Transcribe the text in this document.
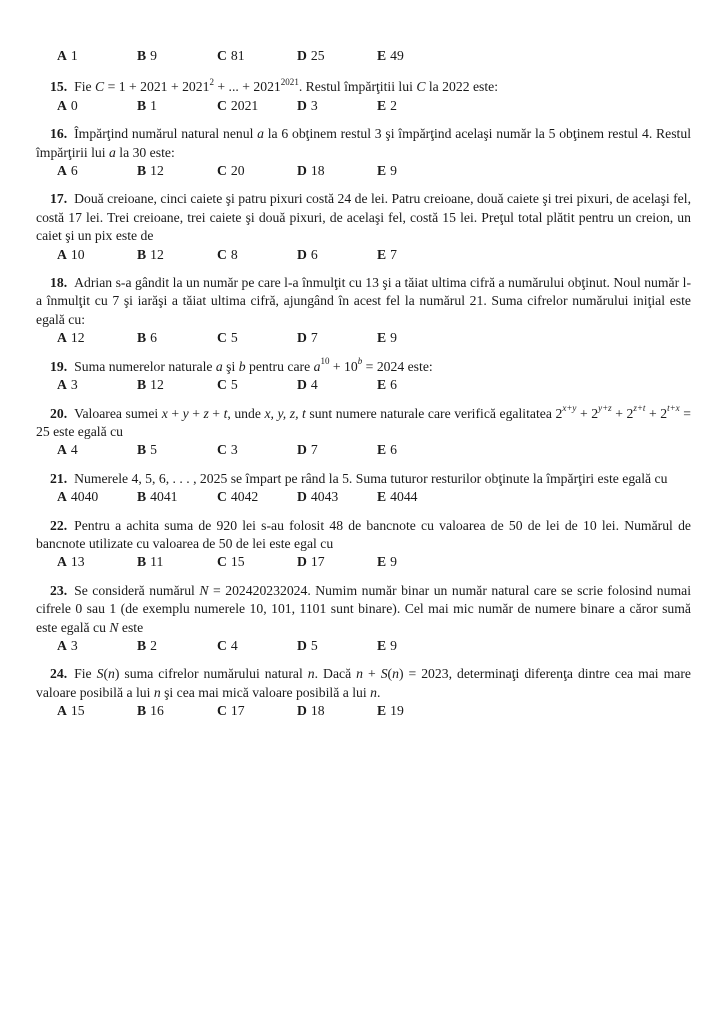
A 1	B 9	C 81	D 25	E 49

15. Fie $C = 1 + 2021 + 2021^2$ + ... + $2021^{2021}$. Restul împărţitii lui C la 2022 este:

A 0	B 1	C 2021	D 3	E 2

16. Împărţind numărul natural nenul a la 6 obţinem restul 3 şi împărţind acelaşi număr la 5 obţinem restul 4. Restul împărţirii lui a la 30 este:

A 6	B 12	C 20	D 18	E 9

17. Două creioane, cinci caiete şi patru pixuri costă 24 de lei. Patru creioane, două caiete şi trei pixuri, de acelaşi fel, costă 17 lei. Trei creioane, trei caiete şi două pixuri, de acelaşi fel, costă 15 lei. Preţul total plătit pentru un creion, un caiet şi un pix este de

A 10	B 12	C 8	D 6	E 7

18. Adrian s-a gândit la un număr pe care l-a înmulţit cu 13 şi a tăiat ultima cifră a numărului obţinut. Noul număr l-a înmulţit cu 7 şi iarăşi a tăiat ultima cifră, ajungând în acest fel la numărul 21. Suma cifrelor numărului iniţial este egală cu:

A 12	B 6	C 5	D 7	E 9

19. Suma numerelor naturale a şi b pentru care $a^{10} + 10^b = 2024$ este:

A 3	B 12	C 5	D 4	E 6

20. Valoarea sumei x + y + z + t, unde x, y, z, t sunt numere naturale care verifică egalitatea $2^{x+y} + 2^{y+z} + 2^{z+t} + 2^{t+x} = 25$ este egală cu

A 4	B 5	C 3	D 7	E 6

21. Numerele 4, 5, 6, . . . , 2025 se împart pe rând la 5. Suma tuturor resturilor obţinute la împărţiri este egală cu

A 4040	B 4041	C 4042	D 4043	E 4044

22. Pentru a achita suma de 920 lei s-au folosit 48 de bancnote cu valoarea de 50 de lei de 10 lei. Numărul de bancnote utilizate cu valoarea de 50 de lei este egal cu

A 13	B 11	C 15	D 17	E 9

23. Se consideră numărul N = 202420232024. Numim număr binar un număr natural care se scrie folosind numai cifrele 0 sau 1 (de exemplu numerele 10, 101, 1101 sunt binare). Cel mai mic număr de numere binare a căror sumă este egală cu N este

A 3	B 2	C 4	D 5	E 9

24. Fie S(n) suma cifrelor numărului natural n. Dacă n + S(n) = 2023, determinaţi diferenţa dintre cea mai mare valoare posibilă a lui n şi cea mai mică valoare posibilă a lui n.

A 15	B 16	C 17	D 18	E 19
